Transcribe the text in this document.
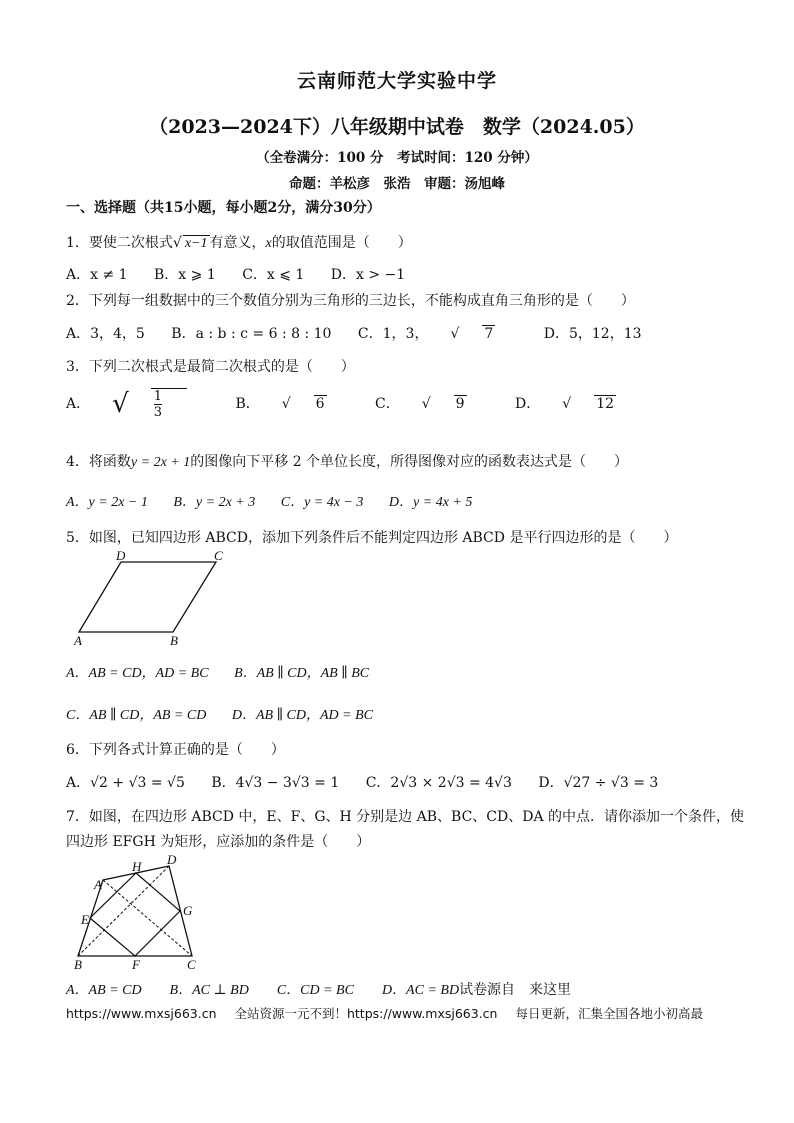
云南师范大学实验中学
（2023—2024下）八年级期中试卷　数学（2024.05）
（全卷满分：100 分　考试时间：120 分钟）
命题：羊松彦　张浩　审题：汤旭峰
一、选择题（共15小题，每小题2分，满分30分）
1．要使二次根式√ x−1 有意义，x的取值范围是（　　）
A．x ≠ 1 B．x ⩾ 1 C．x ⩽ 1 D．x > −1
2．下列每一组数据中的三个数值分别为三角形的三边长，不能构成直角三角形的是（　　）
A．3，4，5 B．a : b : c = 6 : 8 : 10 C．1，3， √ 7	D．5，12，13
3．下列二次根式是最简二次根式的是（　　）
A． √ $\frac{1}{3}$	B． √ 6	C． √ 9	D． √ 12
4．将函数y = 2x + 1的图像向下平移 2 个单位长度，所得图像对应的函数表达式是（　　）
A．y = 2x − 1 B．y = 2x + 3 C．y = 4x − 3 D．y = 4x + 5
5．如图，已知四边形 ABCD，添加下列条件后不能判定四边形 ABCD 是平行四边形的是（　　）
D	C
A	B
A．AB = CD，AD = BC B．AB ∥ CD，AB ∥ BC
C．AB ∥ CD，AB = CD D．AB ∥ CD，AD = BC
6．下列各式计算正确的是（　　）
A．√2 + √3 = √5 B．4√3 − 3√3 = 1 C．2√3 × 2√3 = 4√3 D．√27 ÷ √3 = 3
7．如图，在四边形 ABCD 中，E、F、G、H 分别是边 AB、BC、CD、DA 的中点．请你添加一个条件，使
四边形 EFGH 为矩形，应添加的条件是（　　）
A
H D
E
G
B	F	C
A．AB = CD　　B．AC ⊥ BD　　C．CD = BC　　D．AC = BD试卷源自　来这里
https://www.mxsj663.cn 全站资源一元不到！https://www.mxsj663.cn 每日更新，汇集全国各地小初高最
